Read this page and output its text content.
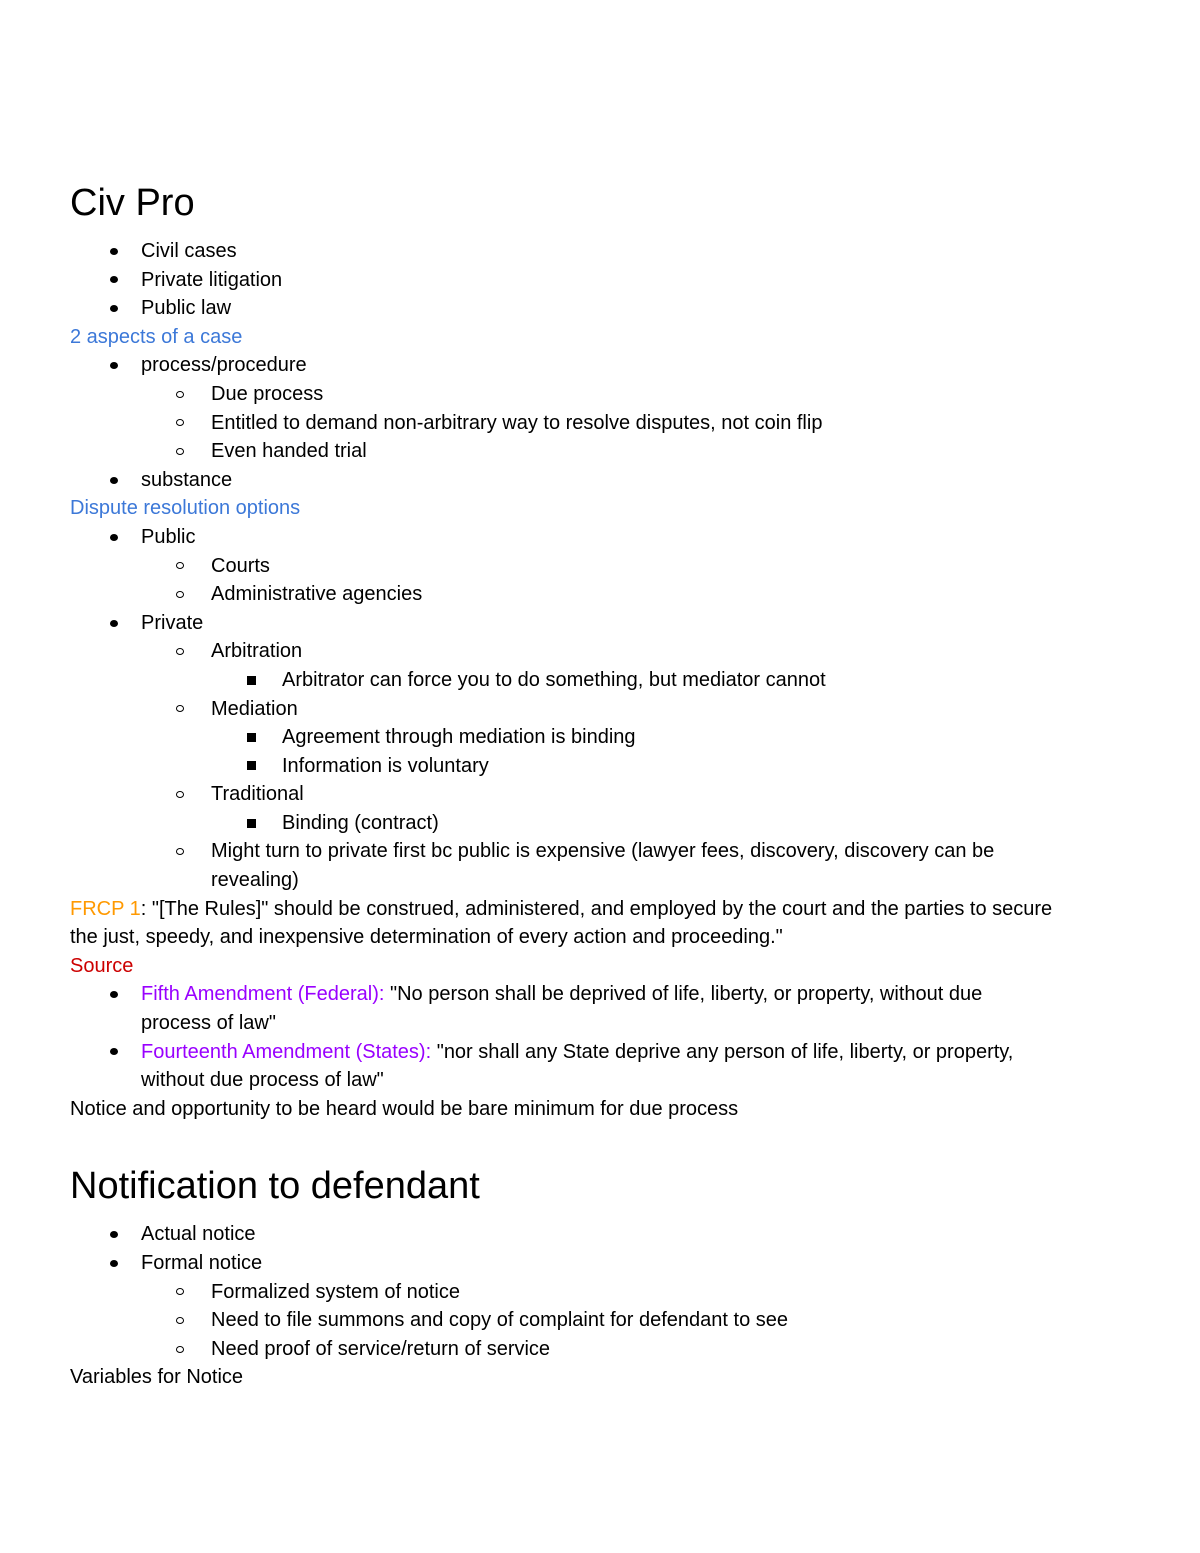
Civ Pro
Civil cases
Private litigation
Public law
2 aspects of a case
process/procedure
Due process
Entitled to demand non-arbitrary way to resolve disputes, not coin flip
Even handed trial
substance
Dispute resolution options
Public
Courts
Administrative agencies
Private
Arbitration
Arbitrator can force you to do something, but mediator cannot
Mediation
Agreement through mediation is binding
Information is voluntary
Traditional
Binding (contract)
Might turn to private first bc public is expensive (lawyer fees, discovery, discovery can be
revealing)
FRCP 1: "[The Rules]" should be construed, administered, and employed by the court and the parties to secure
the just, speedy, and inexpensive determination of every action and proceeding."
Source
Fifth Amendment (Federal): "No person shall be deprived of life, liberty, or property, without due
process of law"
Fourteenth Amendment (States): "nor shall any State deprive any person of life, liberty, or property,
without due process of law"
Notice and opportunity to be heard would be bare minimum for due process
Notification to defendant
Actual notice
Formal notice
Formalized system of notice
Need to file summons and copy of complaint for defendant to see
Need proof of service/return of service
Variables for Notice
